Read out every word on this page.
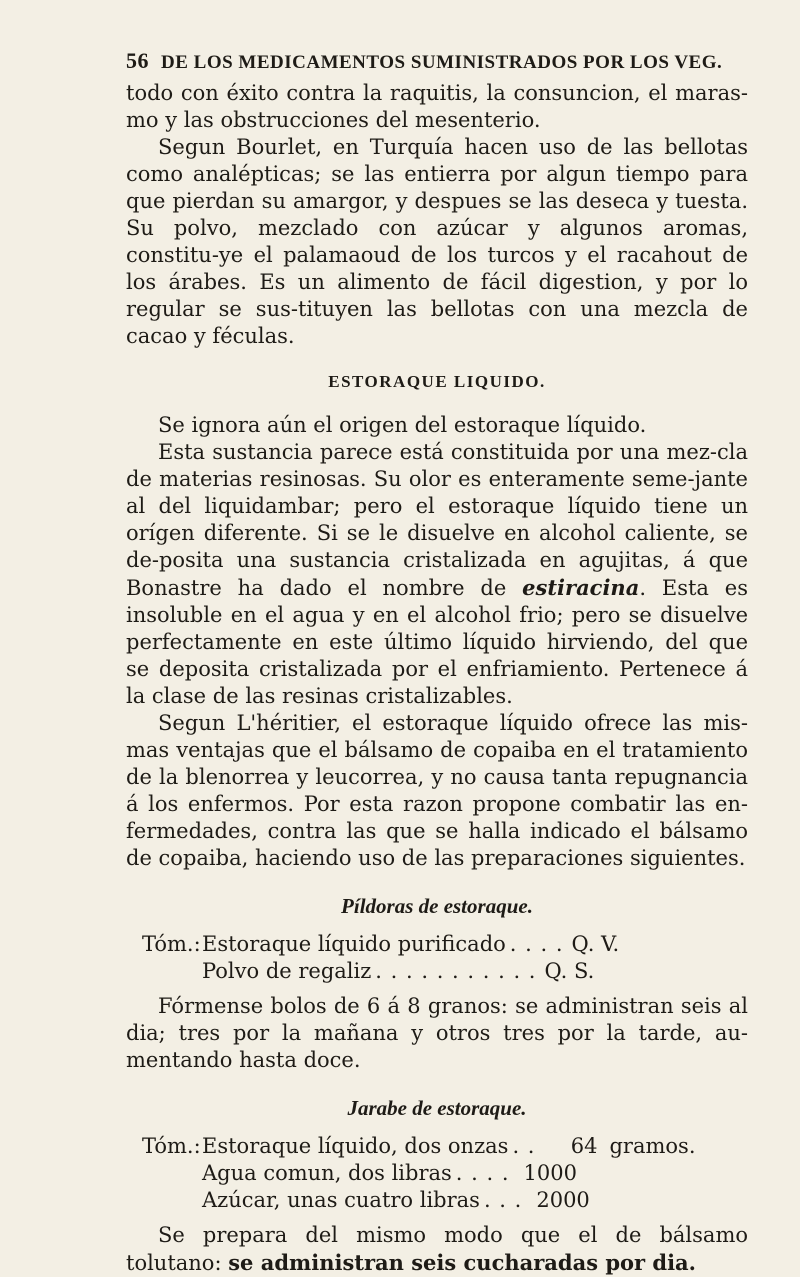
56 DE LOS MEDICAMENTOS SUMINISTRADOS POR LOS VEG.

todo con éxito contra la raquitis, la consuncion, el maras-mo y las obstrucciones del mesenterio.

Segun Bourlet, en Turquía hacen uso de las bellotas como analépticas; se las entierra por algun tiempo para que pierdan su amargor, y despues se las deseca y tuesta. Su polvo, mezclado con azúcar y algunos aromas, constitu-ye el palamaoud de los turcos y el racahout de los árabes. Es un alimento de fácil digestion, y por lo regular se sus-tituyen las bellotas con una mezcla de cacao y féculas.

ESTORAQUE LIQUIDO.

Se ignora aún el origen del estoraque líquido.

Esta sustancia parece está constituida por una mez-cla de materias resinosas. Su olor es enteramente seme-jante al del liquidambar; pero el estoraque líquido tiene un orígen diferente. Si se le disuelve en alcohol caliente, se de-posita una sustancia cristalizada en agujitas, á que Bonastre ha dado el nombre de estiracina. Esta es insoluble en el agua y en el alcohol frio; pero se disuelve perfectamente en este último líquido hirviendo, del que se deposita cristalizada por el enfriamiento. Pertenece á la clase de las resinas cristalizables.

Segun L'héritier, el estoraque líquido ofrece las mis-mas ventajas que el bálsamo de copaiba en el tratamiento de la blenorrea y leucorrea, y no causa tanta repugnancia á los enfermos. Por esta razon propone combatir las en-fermedades, contra las que se halla indicado el bálsamo de copaiba, haciendo uso de las preparaciones siguientes.

Píldoras de estoraque.
Tóm.: Estoraque líquido purificado . . . . Q. V.
Polvo de regaliz . . . . . . . . . . . Q. S.

Fórmense bolos de 6 á 8 granos: se administran seis al dia; tres por la mañana y otros tres por la tarde, au-mentando hasta doce.

Jarabe de estoraque.
Tóm.: Estoraque líquido, dos onzas . .	64 gramos.
Agua comun, dos libras . . . . 1000
Azúcar, unas cuatro libras . . . 2000

Se prepara del mismo modo que el de bálsamo tolutano: se administran seis cucharadas por dia.
